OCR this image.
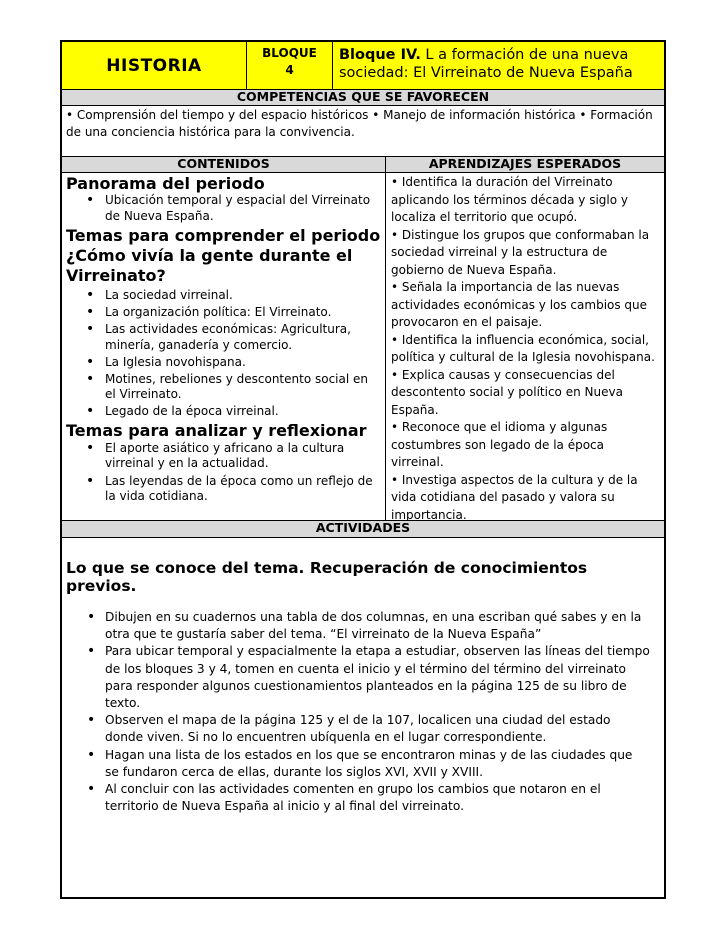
HISTORIA
BLOQUE
4
Bloque IV. L a formación de una nueva sociedad: El Virreinato de Nueva España
COMPETENCIAS QUE SE FAVORECEN
• Comprensión del tiempo y del espacio históricos • Manejo de información histórica • Formación de una conciencia histórica para la convivencia.
CONTENIDOS

Panorama del periodo

• Ubicación temporal y espacial del Virreinato de Nueva España.

Temas para comprender el periodo ¿Cómo vivía la gente durante el Virreinato?

• La sociedad virreinal.
• La organización política: El Virreinato.
• Las actividades económicas: Agricultura, minería, ganadería y comercio.
• La Iglesia novohispana.
• Motines, rebeliones y descontento social en el Virreinato.
• Legado de la época virreinal.

Temas para analizar y reflexionar

• El aporte asiático y africano a la cultura virreinal y en la actualidad.
• Las leyendas de la época como un reflejo de la vida cotidiana.
APRENDIZAJES ESPERADOS
• Identifica la duración del Virreinato aplicando los términos década y siglo y localiza el territorio que ocupó.
• Distingue los grupos que conformaban la sociedad virreinal y la estructura de gobierno de Nueva España.
• Señala la importancia de las nuevas actividades económicas y los cambios que provocaron en el paisaje.
• Identifica la influencia económica, social, política y cultural de la Iglesia novohispana.
• Explica causas y consecuencias del descontento social y político en Nueva España.
• Reconoce que el idioma y algunas costumbres son legado de la época virreinal.
• Investiga aspectos de la cultura y de la vida cotidiana del pasado y valora su importancia.
ACTIVIDADES
Lo que se conoce del tema. Recuperación de conocimientos previos.
• Dibujen en su cuadernos una tabla de dos columnas, en una escriban qué sabes y en la otra que te gustaría saber del tema. “El virreinato de la Nueva España”
• Para ubicar temporal y espacialmente la etapa a estudiar, observen las líneas del tiempo de los bloques 3 y 4, tomen en cuenta el inicio y el término del término del virreinato para responder algunos cuestionamientos planteados en la página 125 de su libro de texto.
• Observen el mapa de la página 125 y el de la 107, localicen una ciudad del estado donde viven. Si no lo encuentren ubíquenla en el lugar correspondiente.
• Hagan una lista de los estados en los que se encontraron minas y de las ciudades que se fundaron cerca de ellas, durante los siglos XVI, XVII y XVIII.
• Al concluir con las actividades comenten en grupo los cambios que notaron en el territorio de Nueva España al inicio y al final del virreinato.
